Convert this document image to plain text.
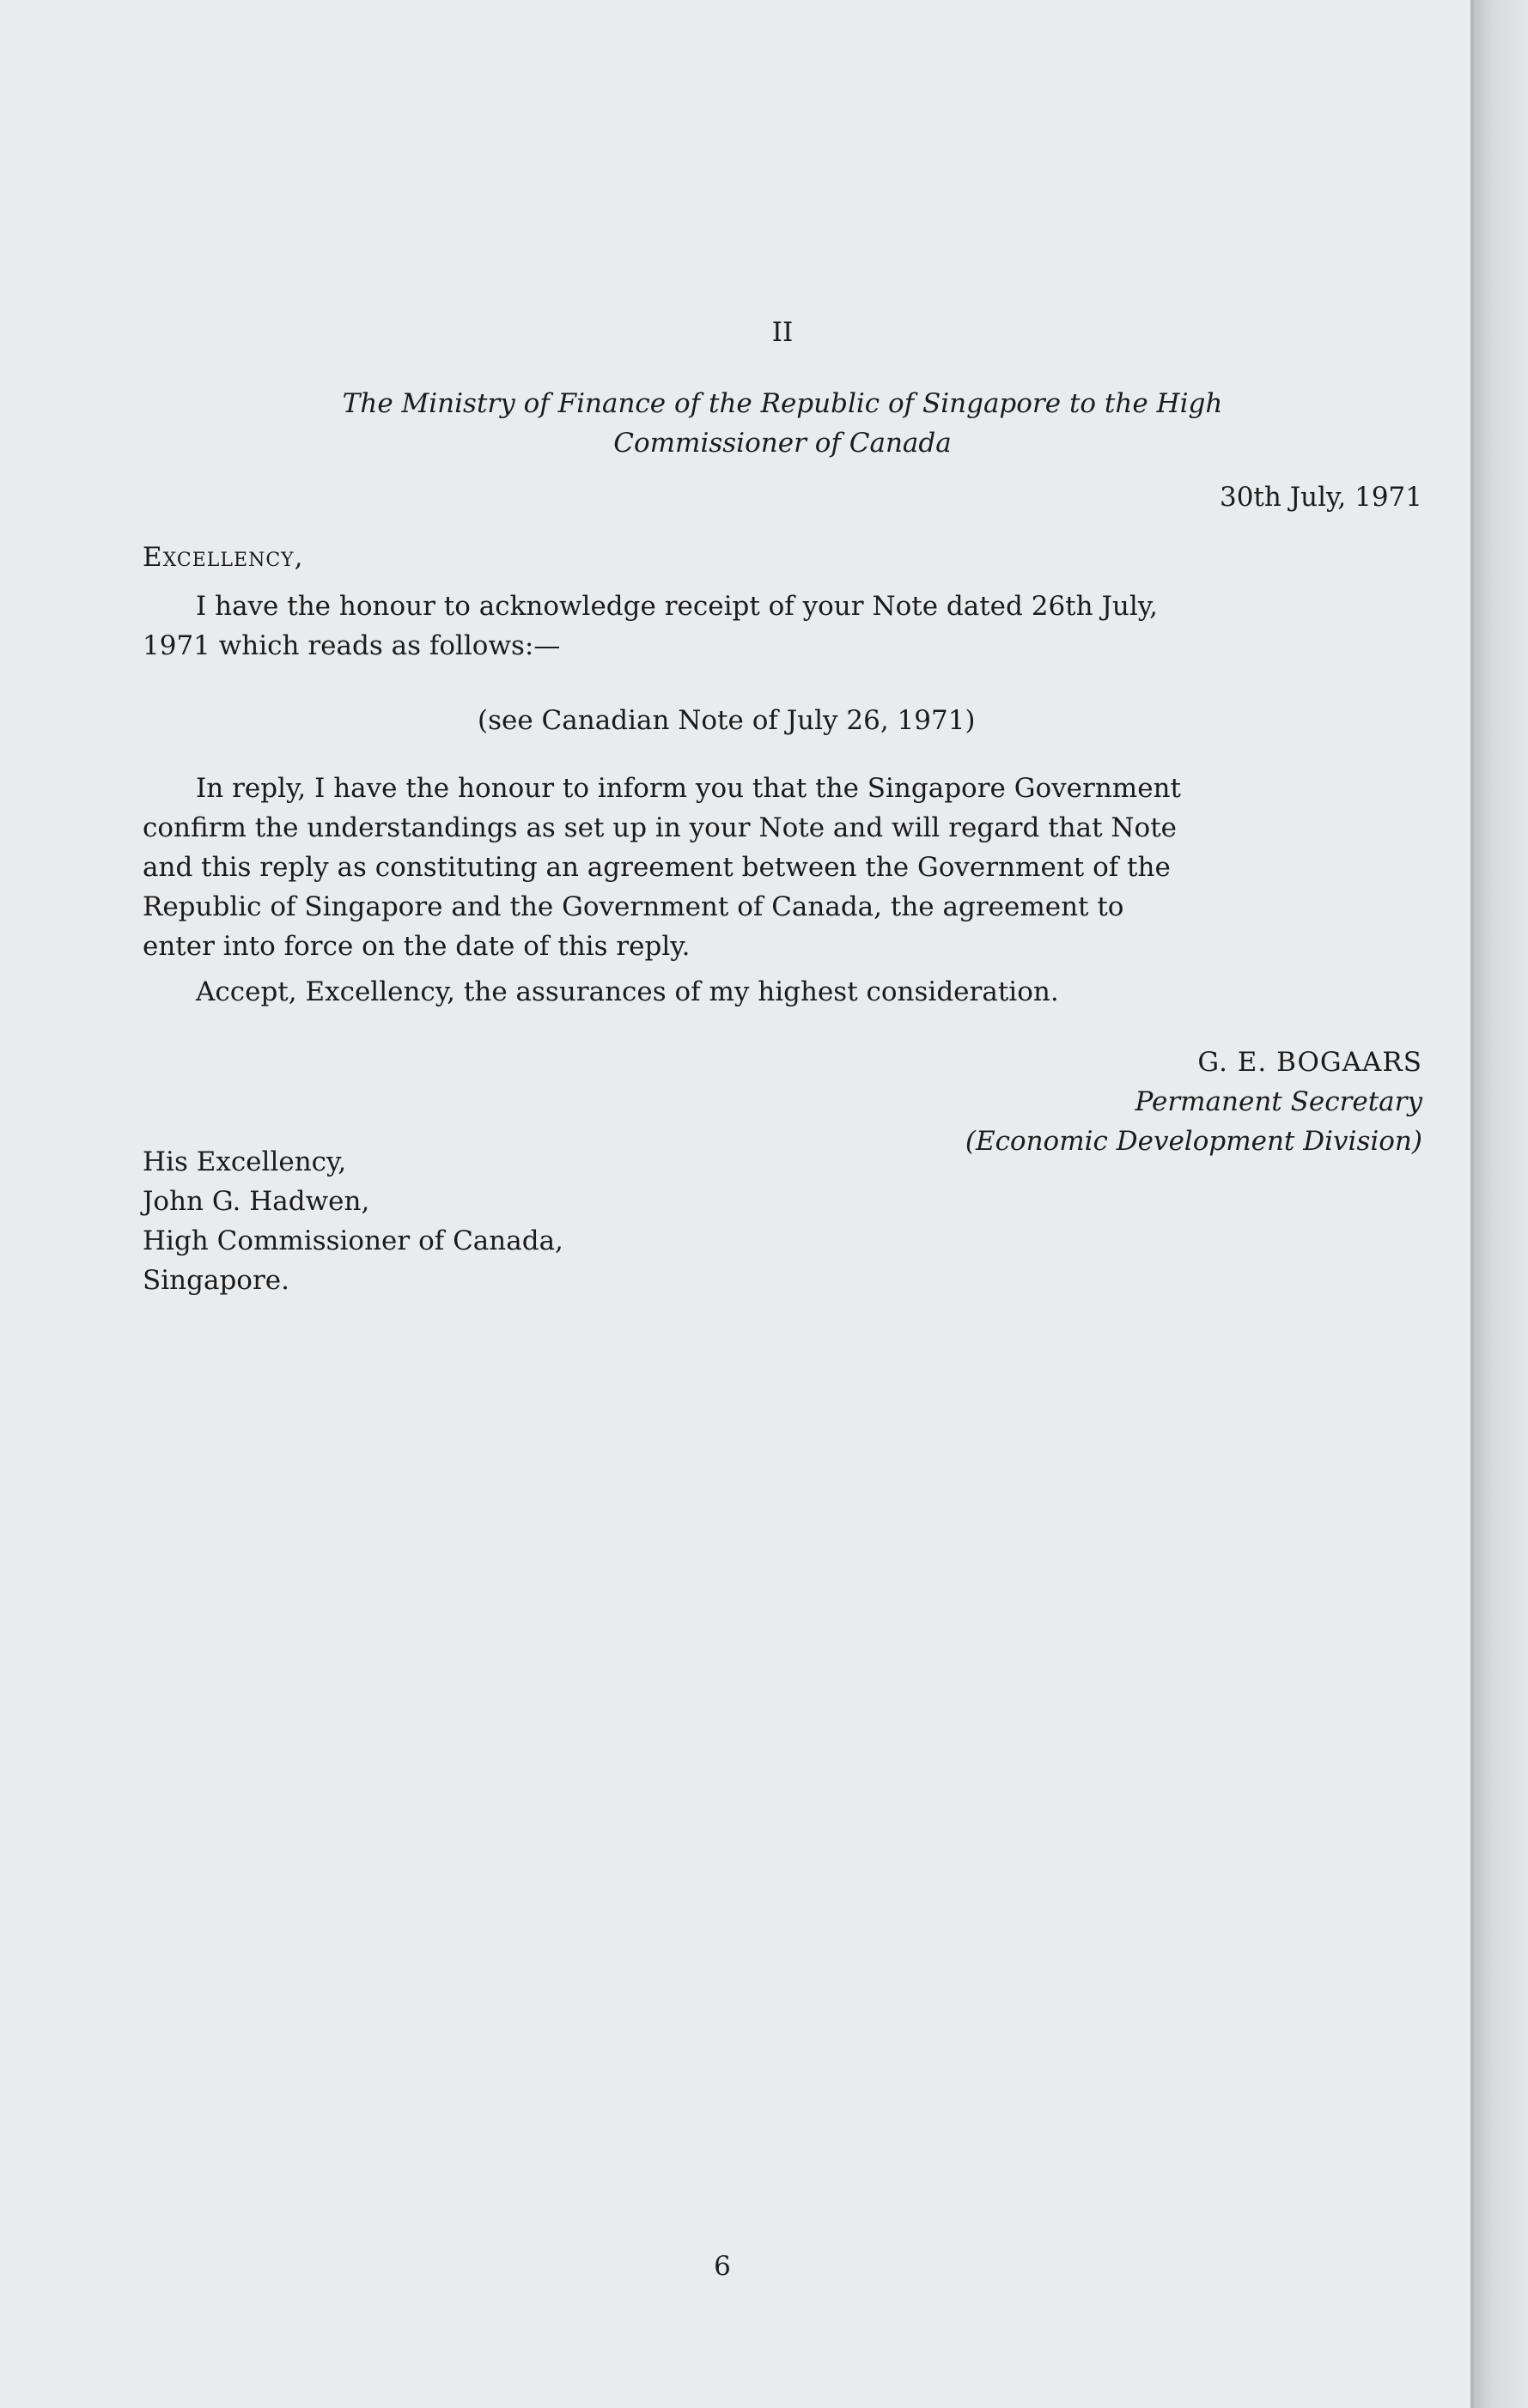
II
The Ministry of Finance of the Republic of Singapore to the High
Commissioner of Canada
30th July, 1971
Excellency,
I have the honour to acknowledge receipt of your Note dated 26th July,
1971 which reads as follows:—
(see Canadian Note of July 26, 1971)
In reply, I have the honour to inform you that the Singapore Government
confirm the understandings as set up in your Note and will regard that Note
and this reply as constituting an agreement between the Government of the
Republic of Singapore and the Government of Canada, the agreement to
enter into force on the date of this reply.
Accept, Excellency, the assurances of my highest consideration.
G. E. BOGAARS
Permanent Secretary
(Economic Development Division)
His Excellency,
John G. Hadwen,
High Commissioner of Canada,
Singapore.
6
